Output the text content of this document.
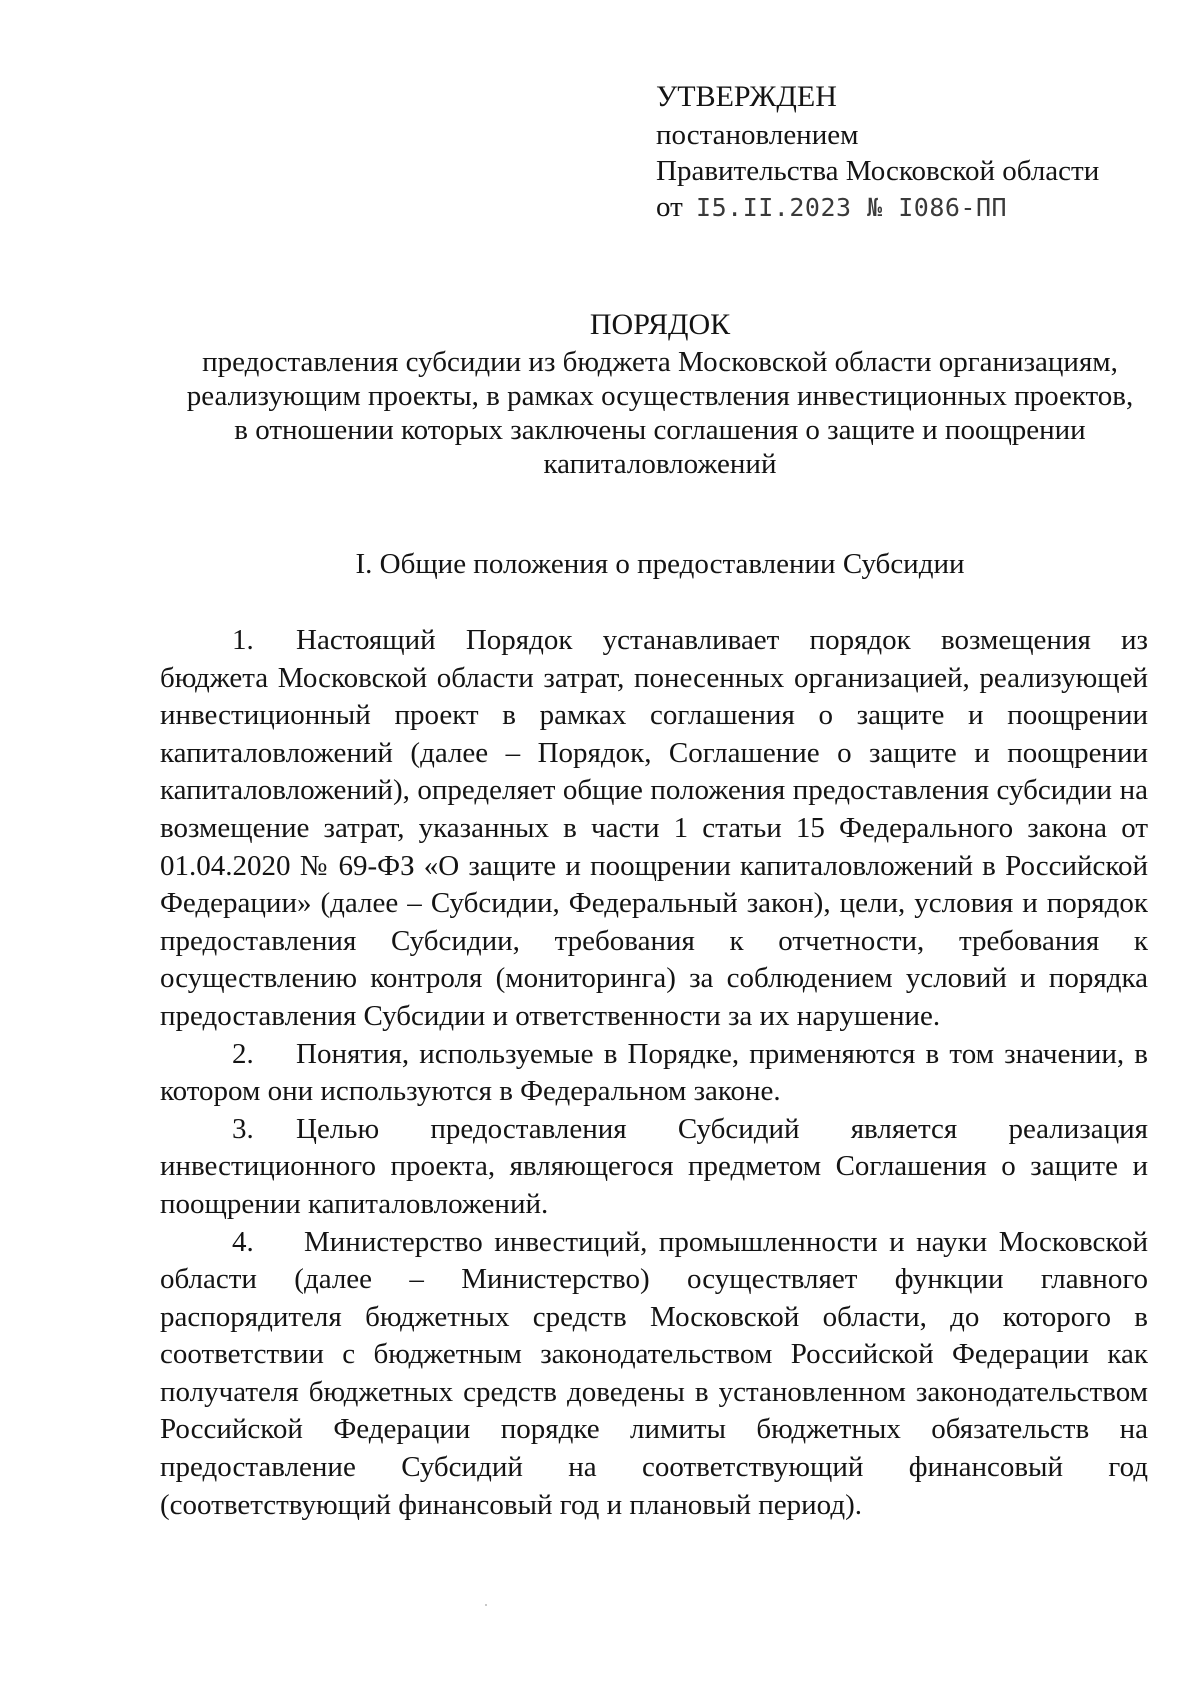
УТВЕРЖДЕН
постановлением
Правительства Московской области
от I5.II.2023 № I086-ПП
ПОРЯДОК
предоставления субсидии из бюджета Московской области организациям,
реализующим проекты, в рамках осуществления инвестиционных проектов,
в отношении которых заключены соглашения о защите и поощрении
капиталовложений
I. Общие положения о предоставлении Субсидии

1. Настоящий Порядок устанавливает порядок возмещения из бюджета Московской области затрат, понесенных организацией, реализующей инвестиционный проект в рамках соглашения о защите и поощрении капиталовложений (далее – Порядок, Соглашение о защите и поощрении капиталовложений), определяет общие положения предоставления субсидии на возмещение затрат, указанных в части 1 статьи 15 Федерального закона от 01.04.2020 № 69-ФЗ «О защите и поощрении капиталовложений в Российской Федерации» (далее – Субсидии, Федеральный закон), цели, условия и порядок предоставления Субсидии, требования к отчетности, требования к осуществлению контроля (мониторинга) за соблюдением условий и порядка предоставления Субсидии и ответственности за их нарушение.

2. Понятия, используемые в Порядке, применяются в том значении, в котором они используются в Федеральном законе.

3. Целью предоставления Субсидий является реализация инвестиционного проекта, являющегося предметом Соглашения о защите и поощрении капиталовложений.

4. Министерство инвестиций, промышленности и науки Московской области (далее – Министерство) осуществляет функции главного распорядителя бюджетных средств Московской области, до которого в соответствии с бюджетным законодательством Российской Федерации как получателя бюджетных средств доведены в установленном законодательством Российской Федерации порядке лимиты бюджетных обязательств на предоставление Субсидий на соответствующий финансовый год (соответствующий финансовый год и плановый период).
